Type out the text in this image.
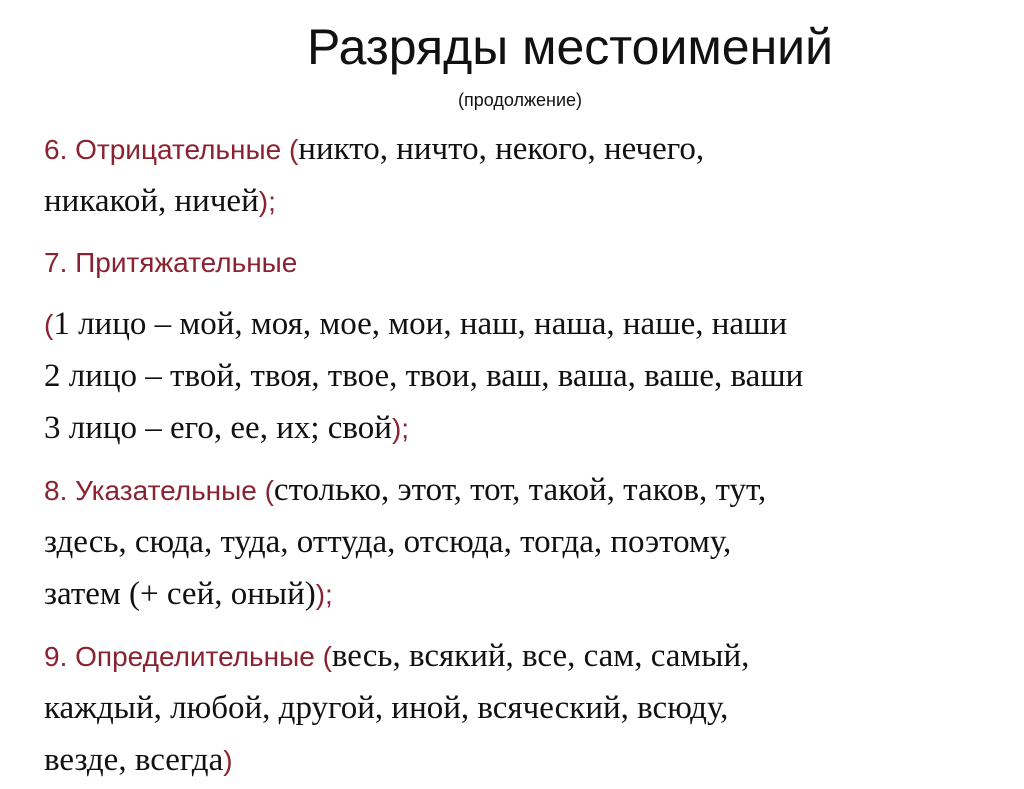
Разряды местоимений
(продолжение)
6. Отрицательные (никто, ничто, некого, нечего,
никакой, ничей);
7. Притяжательные
(1 лицо – мой, моя, мое, мои, наш, наша, наше, наши
2 лицо – твой, твоя, твое, твои, ваш, ваша, ваше, ваши
3 лицо – его, ее, их; свой);
8. Указательные (столько, этот, тот, такой, таков, тут,
здесь, сюда, туда, оттуда, отсюда, тогда, поэтому,
затем (+ сей, оный));
9. Определительные (весь, всякий, все, сам, самый,
каждый, любой, другой, иной, всяческий, всюду,
везде, всегда)
